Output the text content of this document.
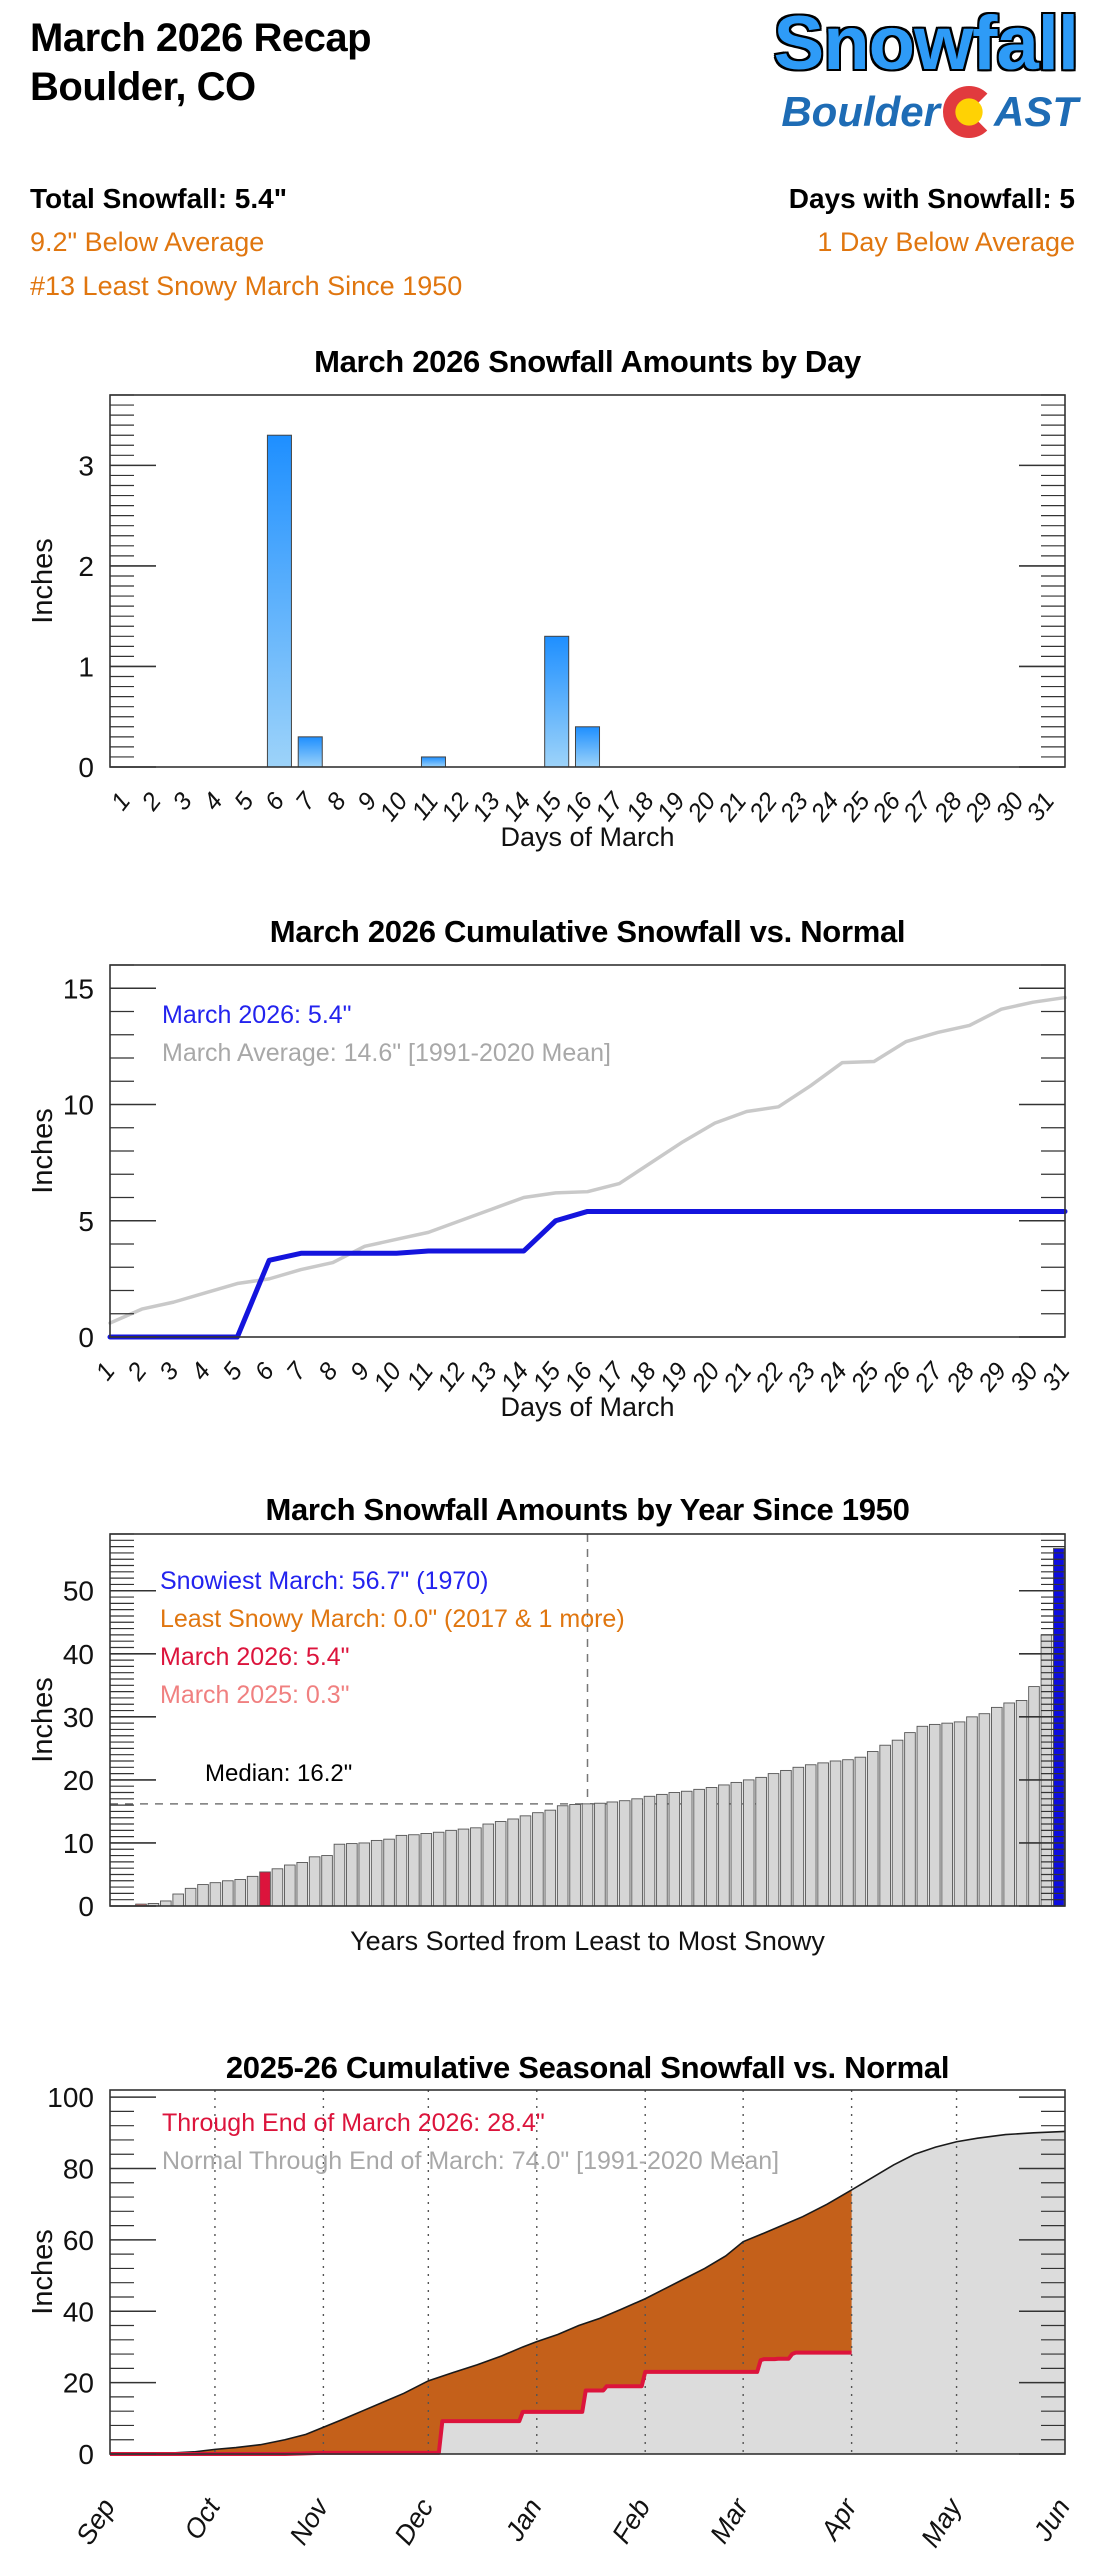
March 2026 Recap
Boulder, CO
Snowfall
Boulder AST
Total Snowfall: 5.4"
9.2" Below Average
#13 Least Snowy March Since 1950
Days with Snowfall: 5
1 Day Below Average
March 2026 Snowfall Amounts by Day
0
1
2
3
1 2 3 4 5 6 7 8 9
10
11
12
13
14
15
16
17
18
19
20
21
22
23
24
25
26
27
28
29
30
31
Inches
Days of March
March 2026 Cumulative Snowfall vs. Normal
0
5
10
15
1 2 3 4 5 6 7 8 9
10
11
12
13
14
15
16
17
18
19
20
21
22
23
24
25
26
27
28
29
30
31
Inches
March 2026: 5.4"
March Average: 14.6" [1991-2020 Mean]
Days of March
March Snowfall Amounts by Year Since 1950
0
10
20
30
40
50
Inches
Snowiest March: 56.7" (1970)
Least Snowy March: 0.0" (2017 & 1 more)
March 2026: 5.4"
March 2025: 0.3"
Median: 16.2"
Years Sorted from Least to Most Snowy
2025-26 Cumulative Seasonal Snowfall vs. Normal
0
20
40
60
80
100
Sep Oct Nov Dec Jan Feb Mar Apr May Jun
Inches
Through End of March 2026: 28.4"
Normal Through End of March: 74.0" [1991-2020 Mean]
